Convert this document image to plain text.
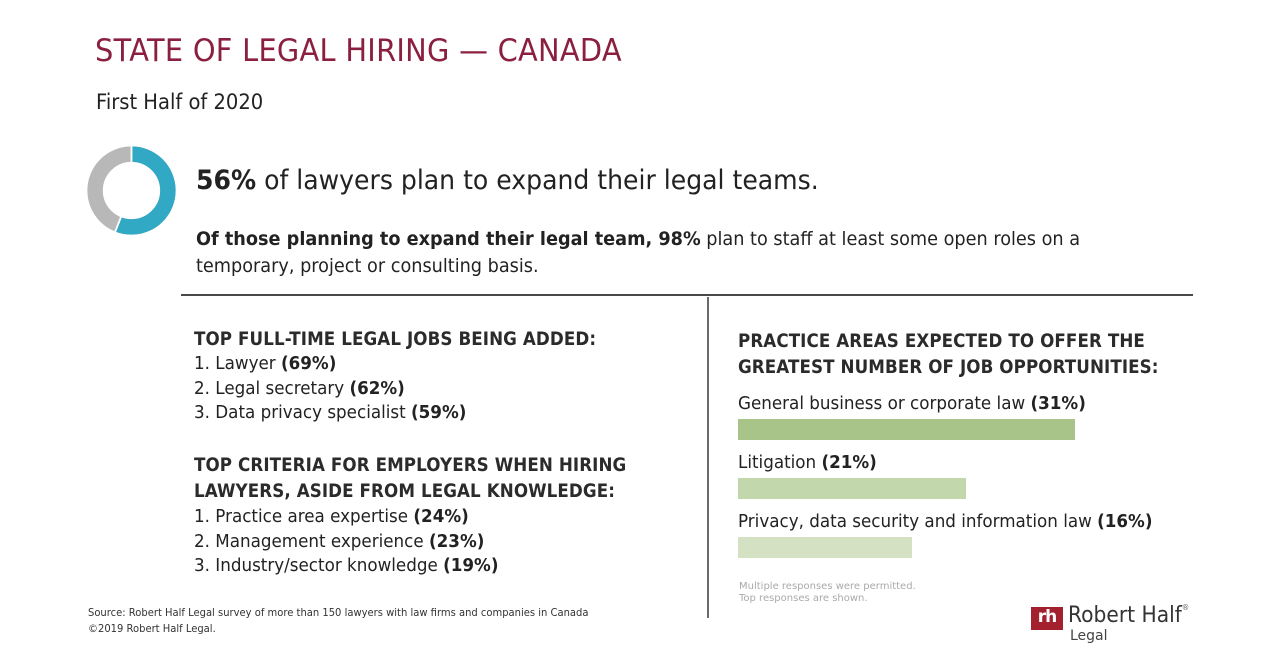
STATE OF LEGAL HIRING — CANADA
First Half of 2020
56% of lawyers plan to expand their legal teams.
Of those planning to expand their legal team, 98% plan to staff at least some open roles on a temporary, project or consulting basis.
TOP FULL-TIME LEGAL JOBS BEING ADDED:
1. Lawyer (69%)
2. Legal secretary (62%)
3. Data privacy specialist (59%)
TOP CRITERIA FOR EMPLOYERS WHEN HIRING
LAWYERS, ASIDE FROM LEGAL KNOWLEDGE:
1. Practice area expertise (24%)
2. Management experience (23%)
3. Industry/sector knowledge (19%)
PRACTICE AREAS EXPECTED TO OFFER THE
GREATEST NUMBER OF JOB OPPORTUNITIES:
General business or corporate law (31%)
Litigation (21%)
Privacy, data security and information law (16%)
Multiple responses were permitted.
Top responses are shown.
Source: Robert Half Legal survey of more than 150 lawyers with law firms and companies in Canada
©2019 Robert Half Legal.
rh Robert Half®
Legal
